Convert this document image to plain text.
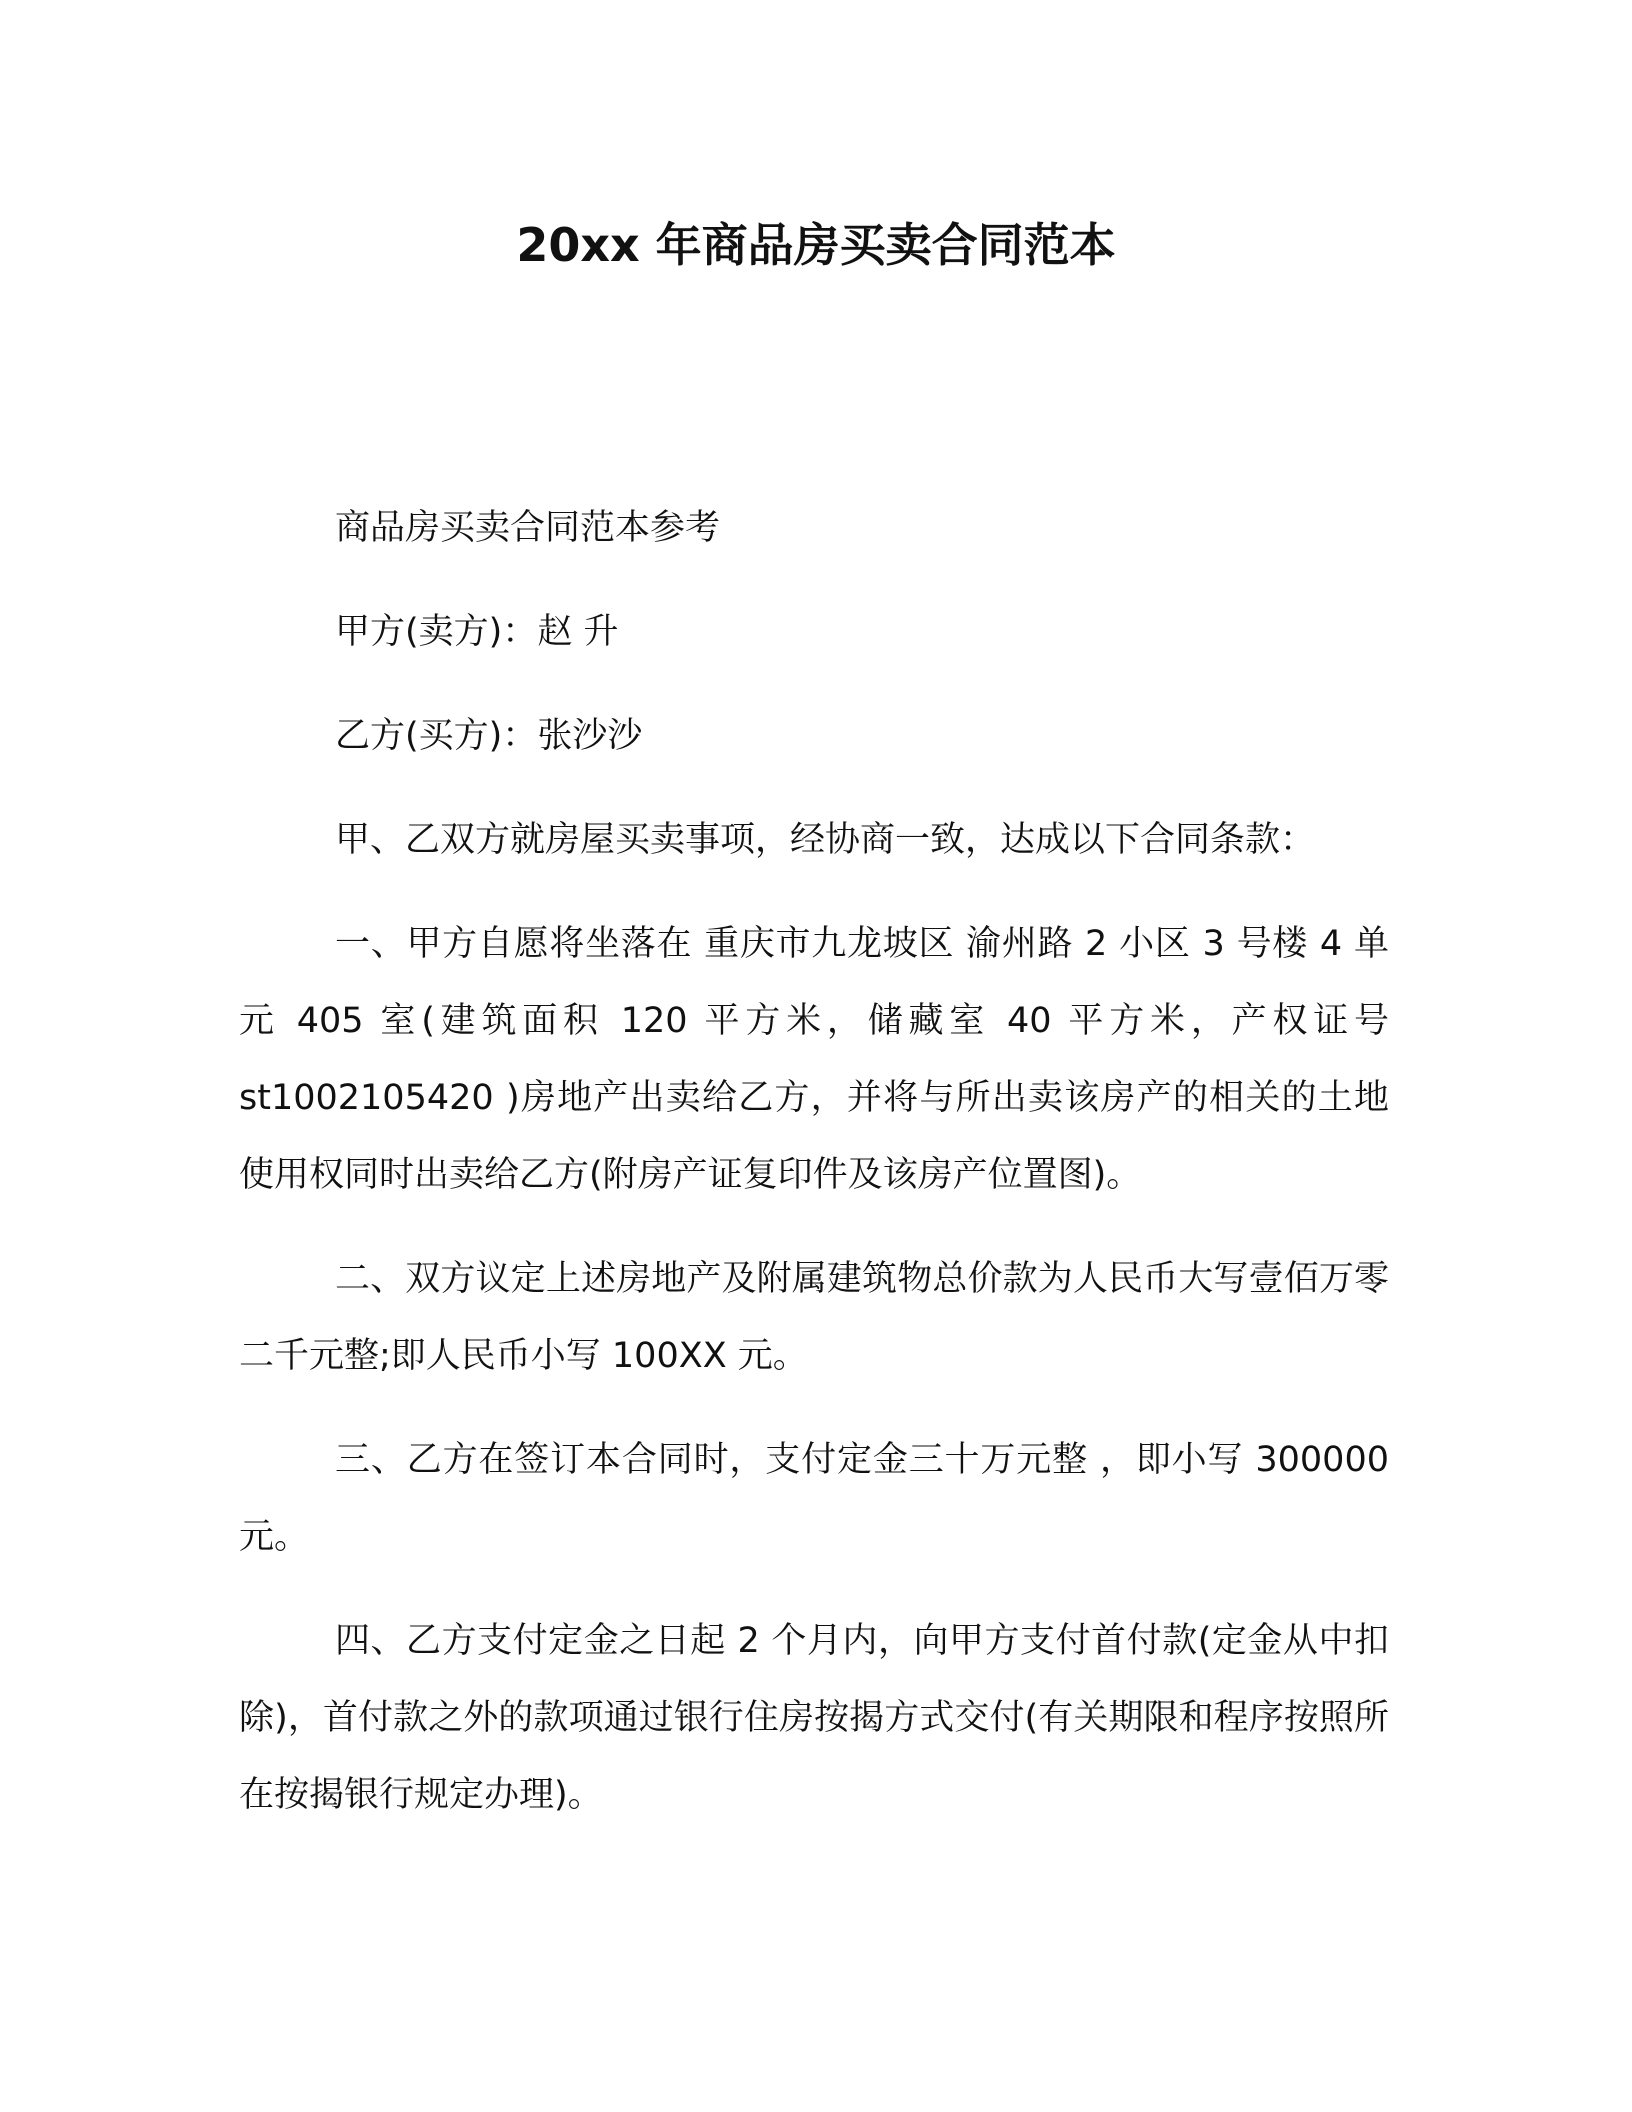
20xx 年商品房买卖合同范本
商品房买卖合同范本参考
甲方(卖方)：赵 升
乙方(买方)：张沙沙
甲、乙双方就房屋买卖事项，经协商一致，达成以下合同条款：

一、甲方自愿将坐落在 重庆市九龙坡区 渝州路 2 小区 3 号楼 4 单元 405 室(建筑面积 120 平方米，储藏室 40 平方米，产权证号 st1002105420 )房地产出卖给乙方，并将与所出卖该房产的相关的土地使用权同时出卖给乙方(附房产证复印件及该房产位置图)。

二、双方议定上述房地产及附属建筑物总价款为人民币大写壹佰万零二千元整;即人民币小写 100XX 元。

三、乙方在签订本合同时，支付定金三十万元整 ，即小写 300000 元。

四、乙方支付定金之日起 2 个月内，向甲方支付首付款(定金从中扣除)，首付款之外的款项通过银行住房按揭方式交付(有关期限和程序按照所在按揭银行规定办理)。
